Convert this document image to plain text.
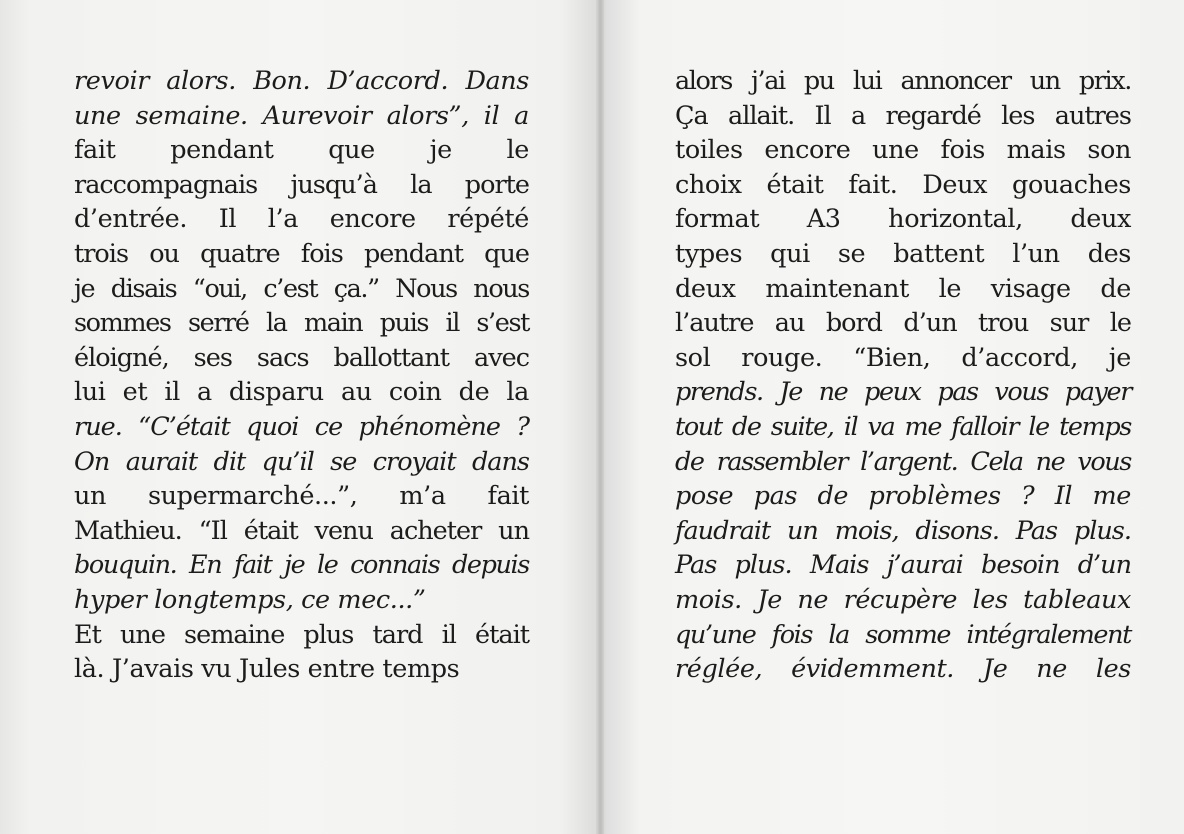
revoir alors. Bon. D’accord. Dans
une semaine. Aurevoir alors”, il a
fait pendant que je le
raccompagnais jusqu’à la porte
d’entrée. Il l’a encore répété
trois ou quatre fois pendant que
je disais “oui, c’est ça.” Nous nous
sommes serré la main puis il s’est
éloigné, ses sacs ballottant avec
lui et il a disparu au coin de la
rue. “C’était quoi ce phénomène ?
On aurait dit qu’il se croyait dans
un supermarché...”, m’a fait
Mathieu. “Il était venu acheter un
bouquin. En fait je le connais depuis
hyper longtemps, ce mec...”
Et une semaine plus tard il était
là. J’avais vu Jules entre temps
alors j’ai pu lui annoncer un prix.
Ça allait. Il a regardé les autres
toiles encore une fois mais son
choix était fait. Deux gouaches
format A3 horizontal, deux
types qui se battent l’un des
deux maintenant le visage de
l’autre au bord d’un trou sur le
sol rouge. “Bien, d’accord, je
prends. Je ne peux pas vous payer
tout de suite, il va me falloir le temps
de rassembler l’argent. Cela ne vous
pose pas de problèmes ? Il me
faudrait un mois, disons. Pas plus.
Pas plus. Mais j’aurai besoin d’un
mois. Je ne récupère les tableaux
qu’une fois la somme intégralement
réglée, évidemment. Je ne les
